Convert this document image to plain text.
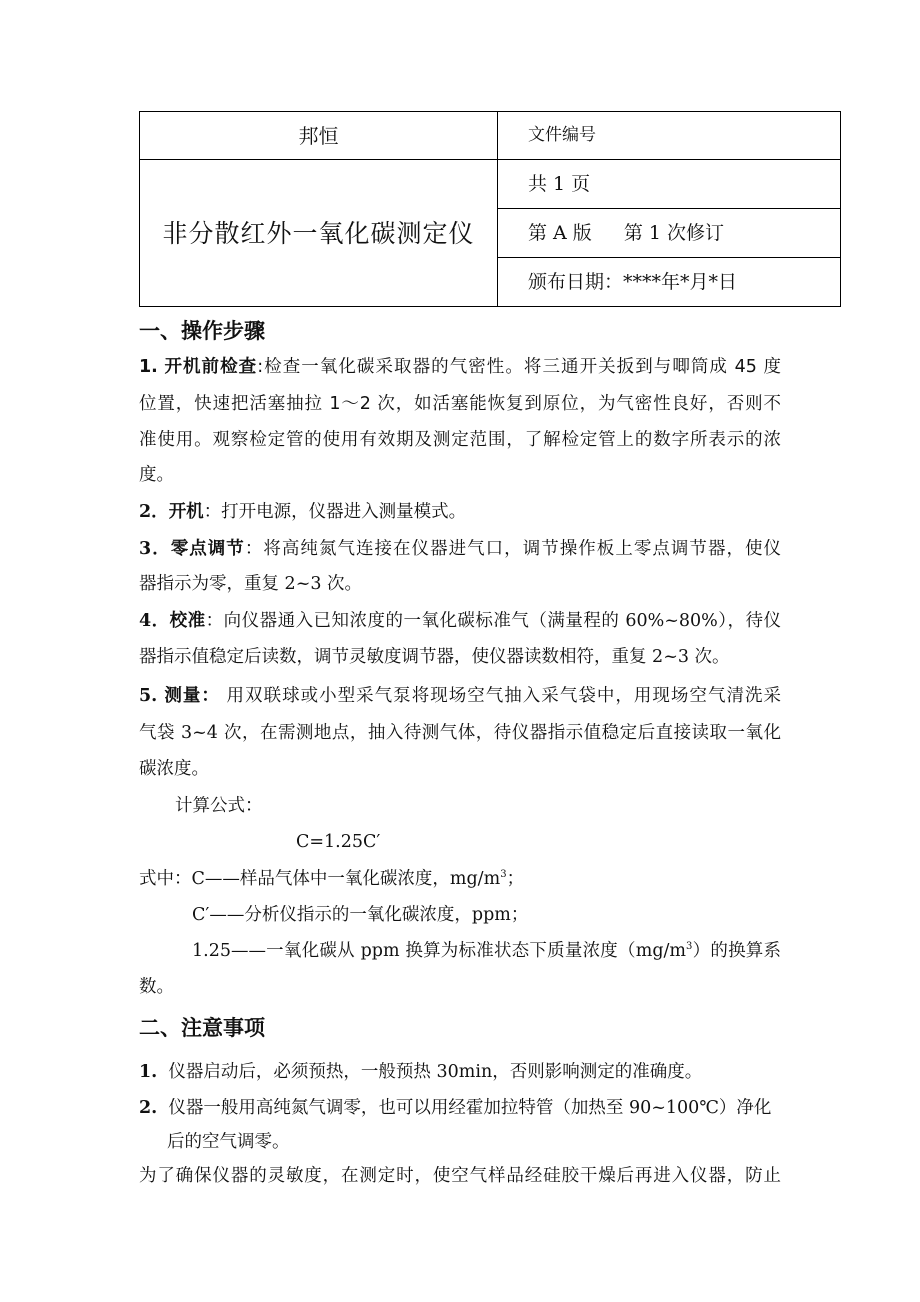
邦恒	文件编号
非分散红外一氧化碳测定仪	共 1 页
	第 A 版 第 1 次修订
	颁布日期：****年*月*日
一、操作步骤
1. 开机前检查:检查一氧化碳采取器的气密性。将三通开关扳到与唧筒成 45 度
位置，快速把活塞抽拉 1～2 次，如活塞能恢复到原位，为气密性良好，否则不
准使用。观察检定管的使用有效期及测定范围，了解检定管上的数字所表示的浓
度。
2．开机：打开电源，仪器进入测量模式。
3．零点调节：将高纯氮气连接在仪器进气口，调节操作板上零点调节器，使仪
器指示为零，重复 2~3 次。
4．校准：向仪器通入已知浓度的一氧化碳标准气（满量程的 60%~80%），待仪
器指示值稳定后读数，调节灵敏度调节器，使仪器读数相符，重复 2~3 次。
5. 测量： 用双联球或小型采气泵将现场空气抽入采气袋中，用现场空气清洗采
气袋 3~4 次，在需测地点，抽入待测气体，待仪器指示值稳定后直接读取一氧化
碳浓度。
计算公式：
C=1.25C′
式中：C——样品气体中一氧化碳浓度，$mg/m^3$；
C′——分析仪指示的一氧化碳浓度，ppm；
1.25——一氧化碳从 ppm 换算为标准状态下质量浓度$(mg/m^3)$的换算系
数。
二、注意事项
1. 仪器启动后，必须预热，一般预热 30min，否则影响测定的准确度。
2. 仪器一般用高纯氮气调零，也可以用经霍加拉特管（加热至 90~100℃）净化
后的空气调零。
为了确保仪器的灵敏度，在测定时，使空气样品经硅胶干燥后再进入仪器，防止
